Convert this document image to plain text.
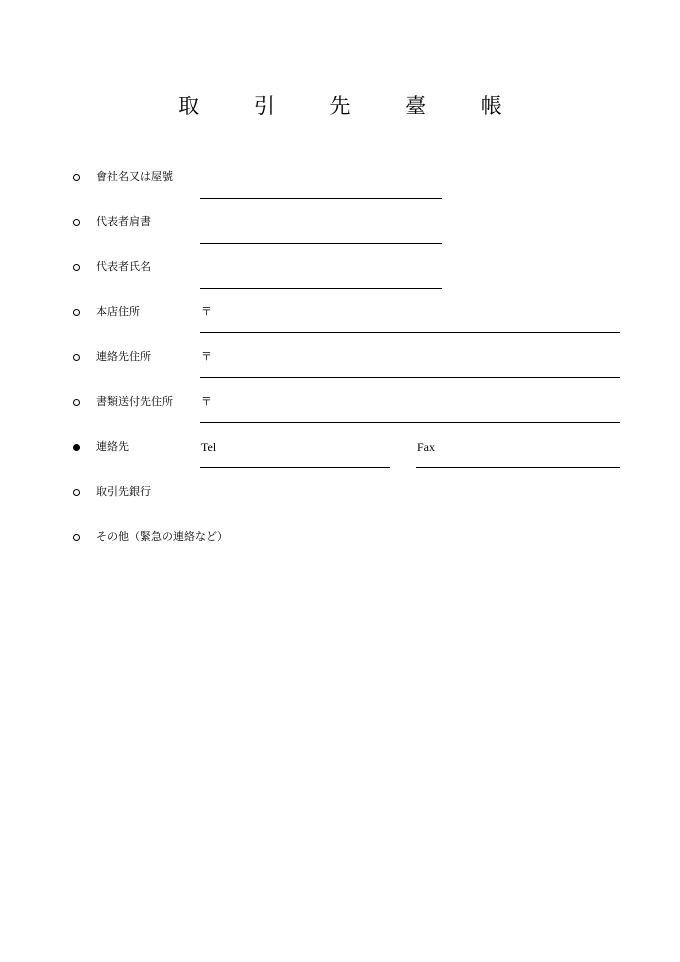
取 引 先 臺 帳
會社名又は屋號
代表者肩書
代表者氏名
本店住所	〒
連絡先住所	〒
書類送付先住所	〒
連絡先	Tel	Fax
取引先銀行
その他（緊急の連絡など）
